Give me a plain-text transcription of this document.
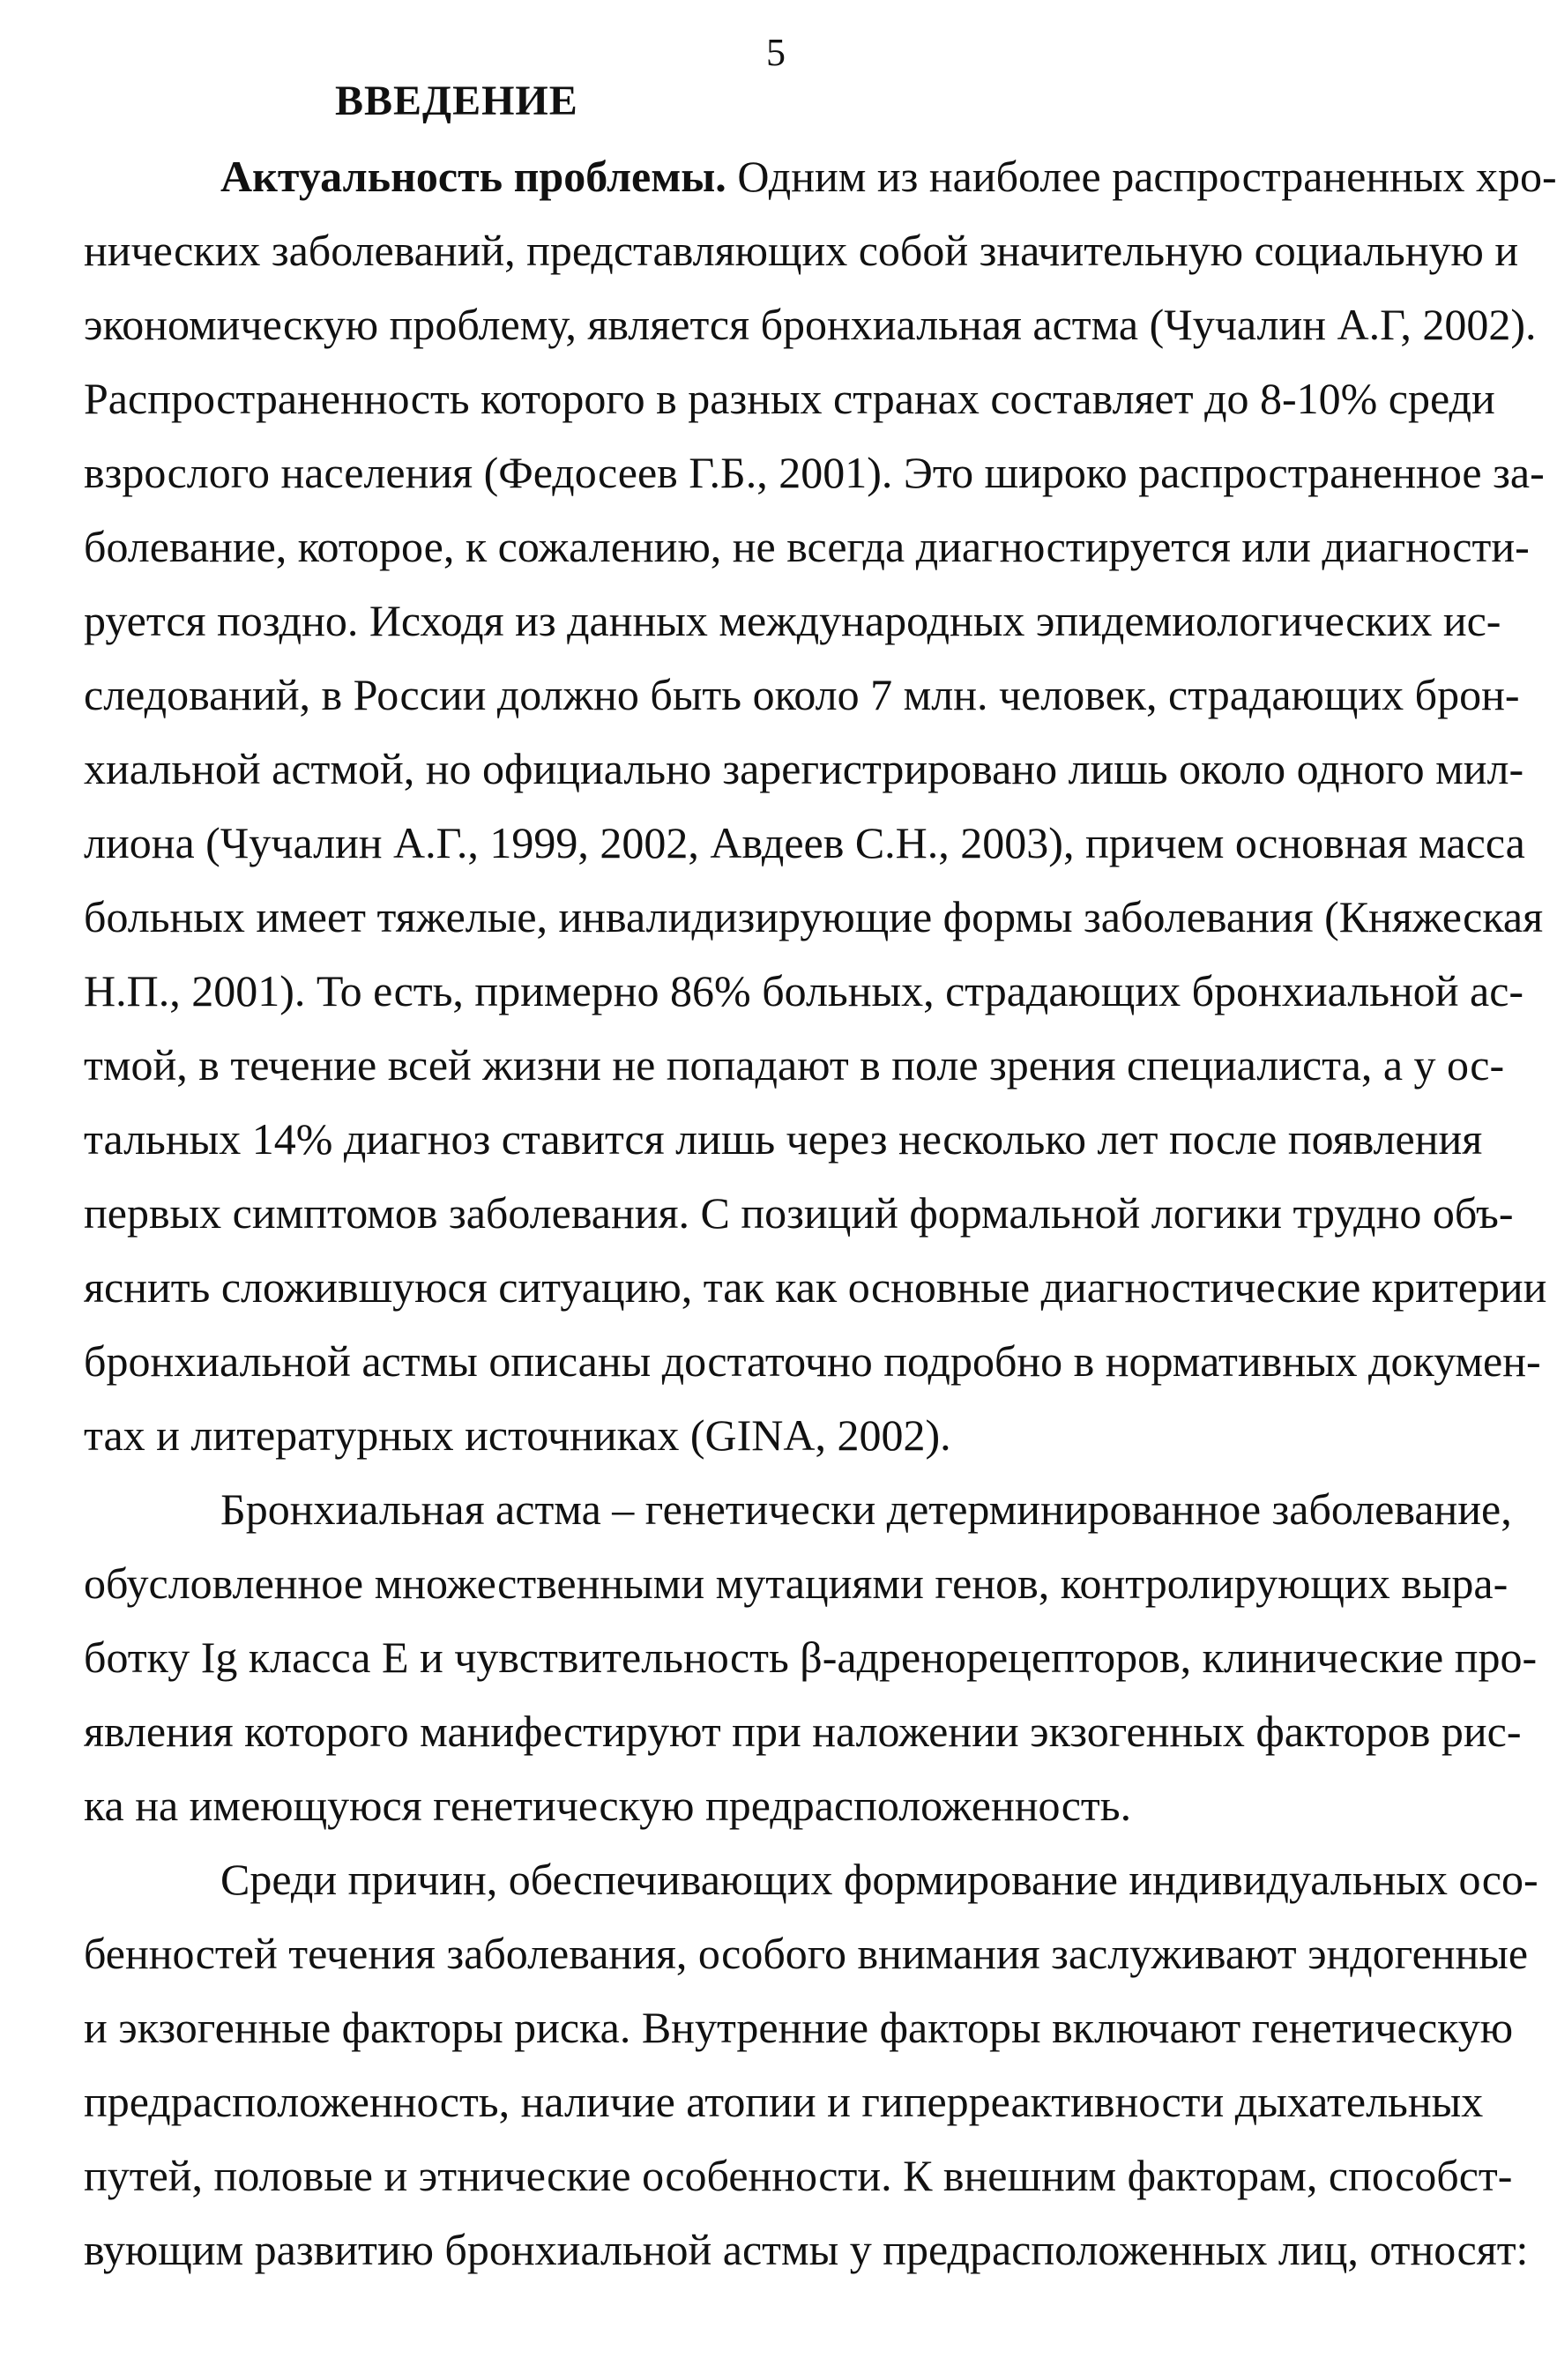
5
ВВЕДЕНИЕ
Актуальность проблемы. Одним из наиболее распространенных хро-
нических заболеваний, представляющих собой значительную социальную и
экономическую проблему, является бронхиальная астма (Чучалин А.Г, 2002).
Распространенность которого в разных странах составляет до 8-10% среди
взрослого населения (Федосеев Г.Б., 2001). Это широко распространенное за-
болевание, которое, к сожалению, не всегда диагностируется или диагности-
руется поздно. Исходя из данных международных эпидемиологических ис-
следований, в России должно быть около 7 млн. человек, страдающих брон-
хиальной астмой, но официально зарегистрировано лишь около одного мил-
лиона (Чучалин А.Г., 1999, 2002, Авдеев С.Н., 2003), причем основная масса
больных имеет тяжелые, инвалидизирующие формы заболевания (Княжеская
Н.П., 2001). То есть, примерно 86% больных, страдающих бронхиальной ас-
тмой, в течение всей жизни не попадают в поле зрения специалиста, а у ос-
тальных 14% диагноз ставится лишь через несколько лет после появления
первых симптомов заболевания. С позиций формальной логики трудно объ-
яснить сложившуюся ситуацию, так как основные диагностические критерии
бронхиальной астмы описаны достаточно подробно в нормативных докумен-
тах и литературных источниках (GINA, 2002).
Бронхиальная астма – генетически детерминированное заболевание,
обусловленное множественными мутациями генов, контролирующих выра-
ботку Ig класса Е и чувствительность β-адренорецепторов, клинические про-
явления которого манифестируют при наложении экзогенных факторов рис-
ка на имеющуюся генетическую предрасположенность.
Среди причин, обеспечивающих формирование индивидуальных осо-
бенностей течения заболевания, особого внимания заслуживают эндогенные
и экзогенные факторы риска. Внутренние факторы включают генетическую
предрасположенность, наличие атопии и гиперреактивности дыхательных
путей, половые и этнические особенности. К внешним факторам, способст-
вующим развитию бронхиальной астмы у предрасположенных лиц, относят:
